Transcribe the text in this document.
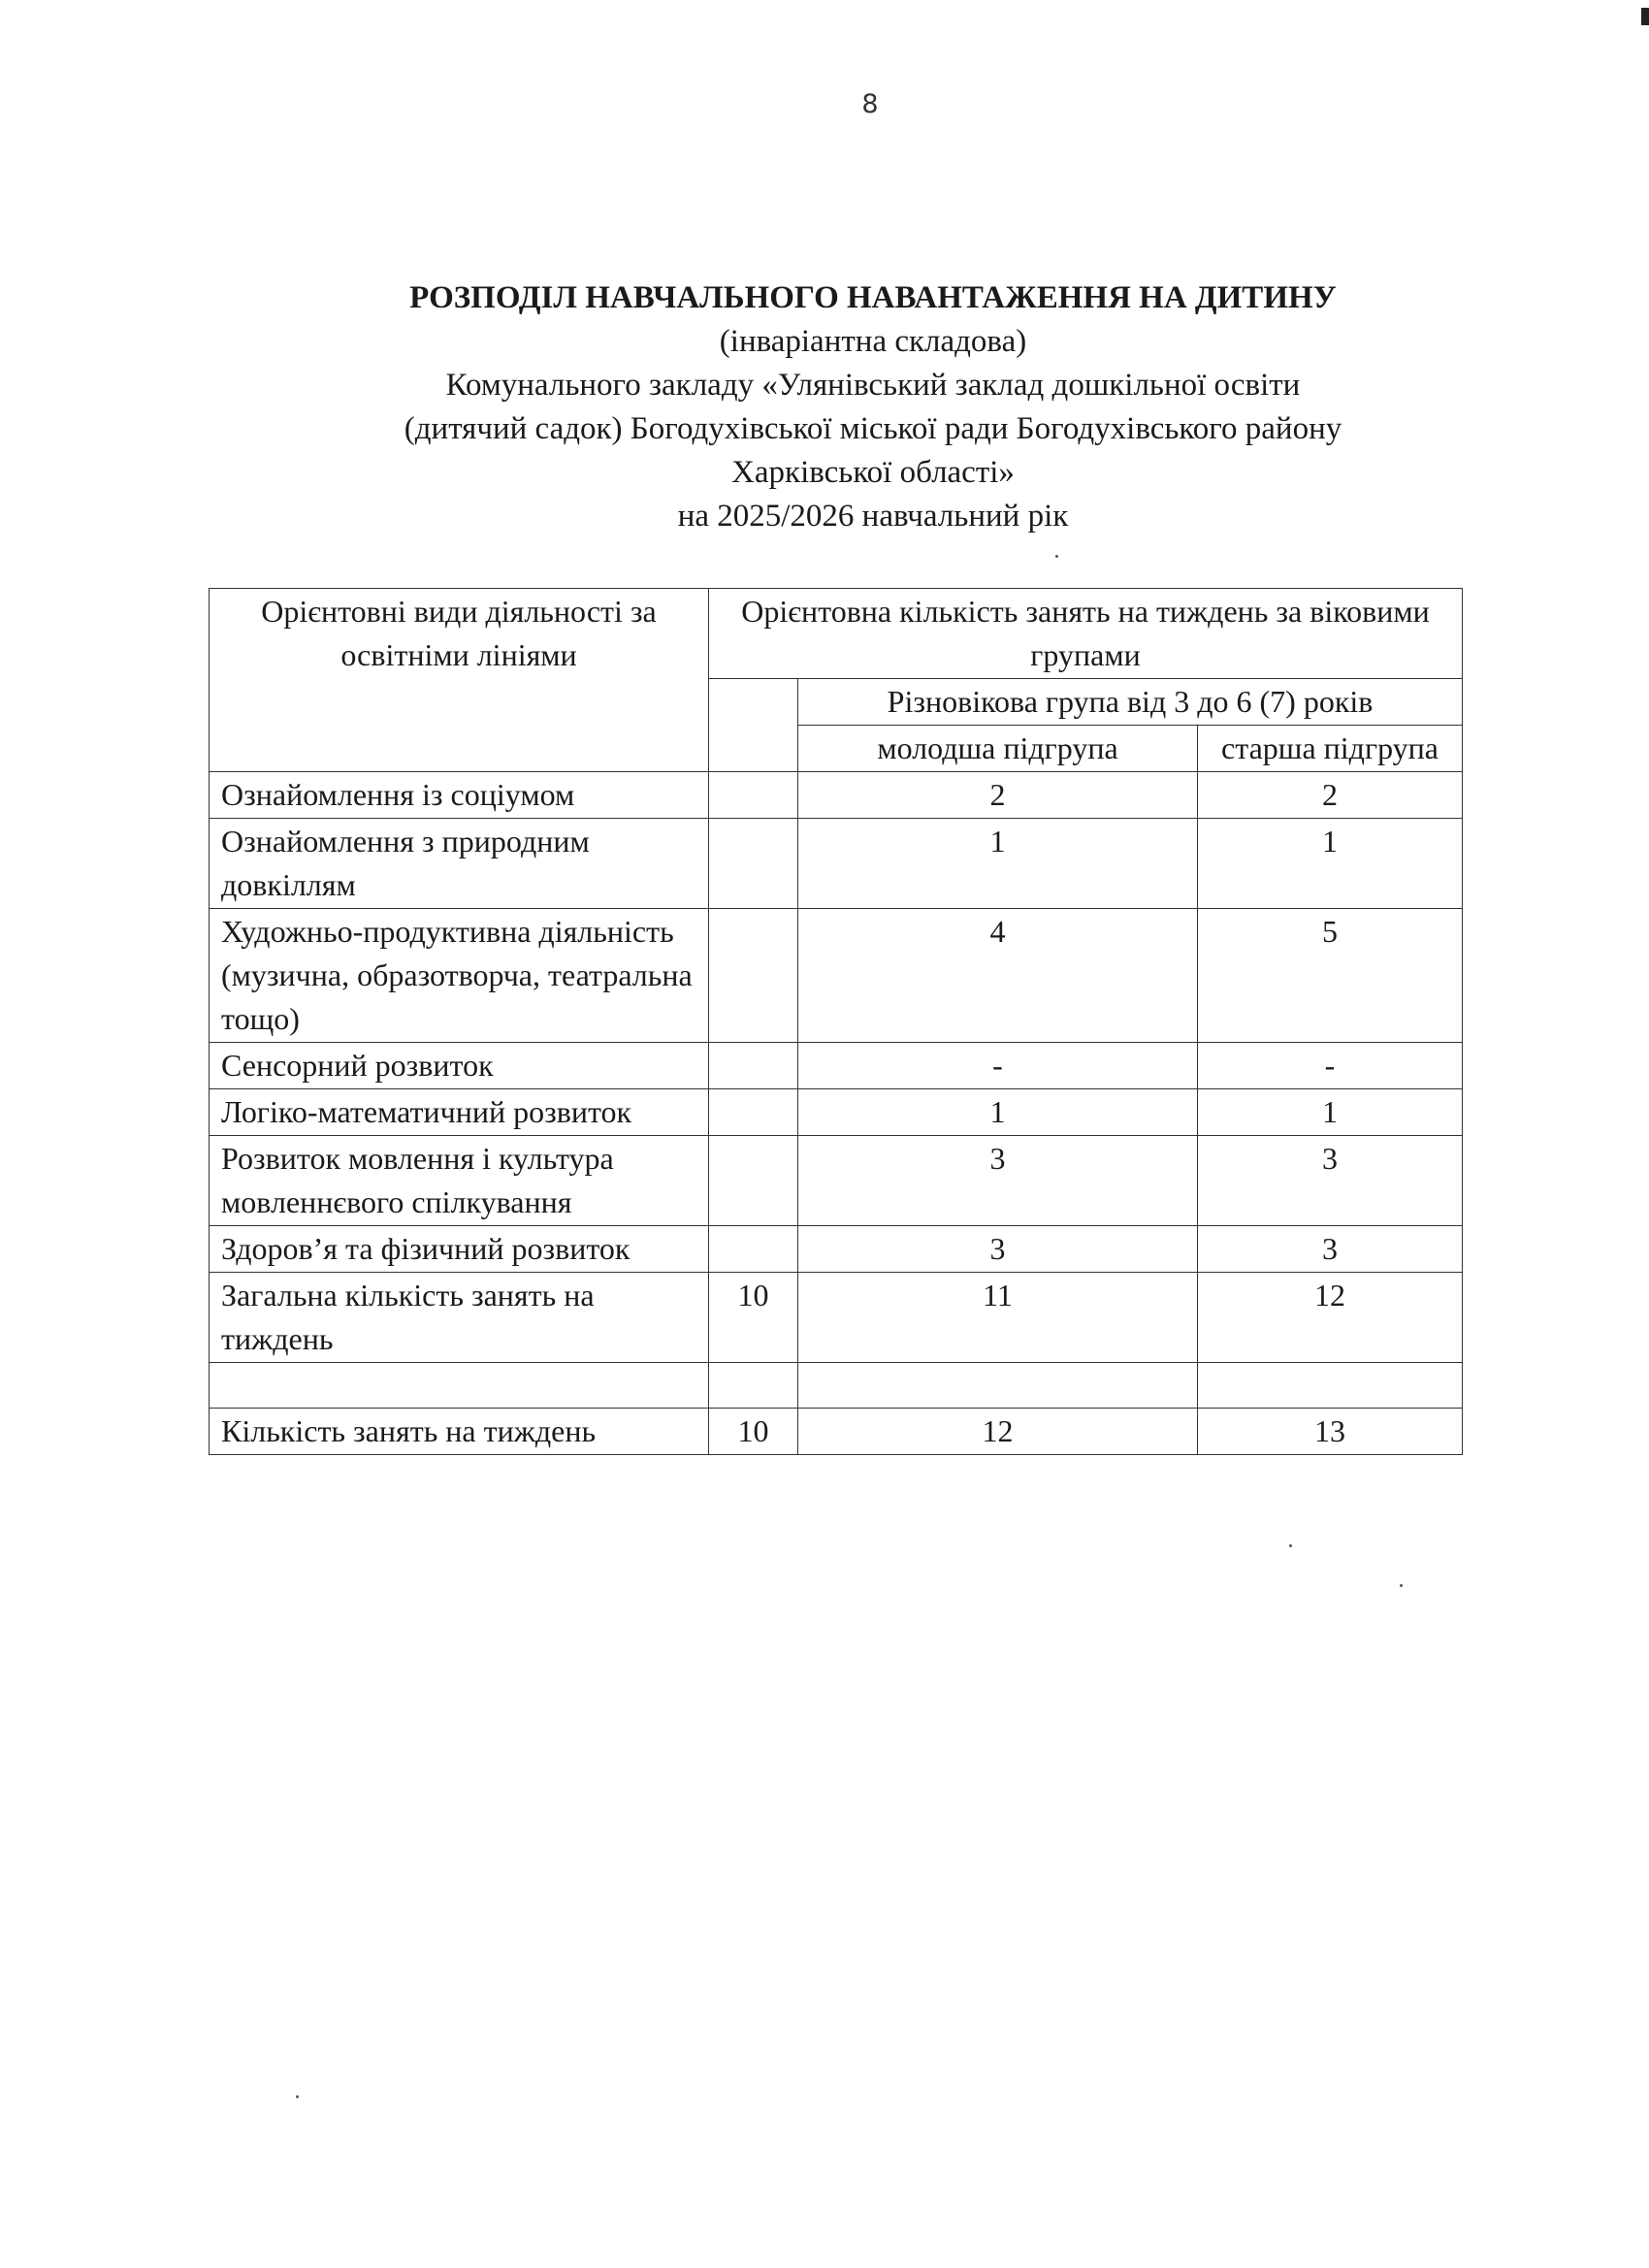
8
РОЗПОДІЛ НАВЧАЛЬНОГО НАВАНТАЖЕННЯ НА ДИТИНУ
(інваріантна складова)
Комунального закладу «Улянівський заклад дошкільної освіти
(дитячий садок) Богодухівської міської ради Богодухівського району
Харківської області»
на 2025/2026 навчальний рік
Орієнтовні види діяльності за освітніми лініями	Орієнтовна кількість занять на тиждень за віковими групами		
		Різновікова група від 3 до 6 (7) років	
		молодша підгрупа	старша підгрупа
Ознайомлення із соціумом		2	2
Ознайомлення з природним довкіллям		1	1
Художньо-продуктивна діяльність (музична, образотворча, театральна тощо)		4	5
Сенсорний розвиток		-	-
Логіко-математичний розвиток		1	1
Розвиток мовлення і культура мовленнєвого спілкування		3	3
Здоров’я та фізичний розвиток		3	3
Загальна кількість занять на тиждень	10	11	12

Кількість занять на тиждень	10	12	13
